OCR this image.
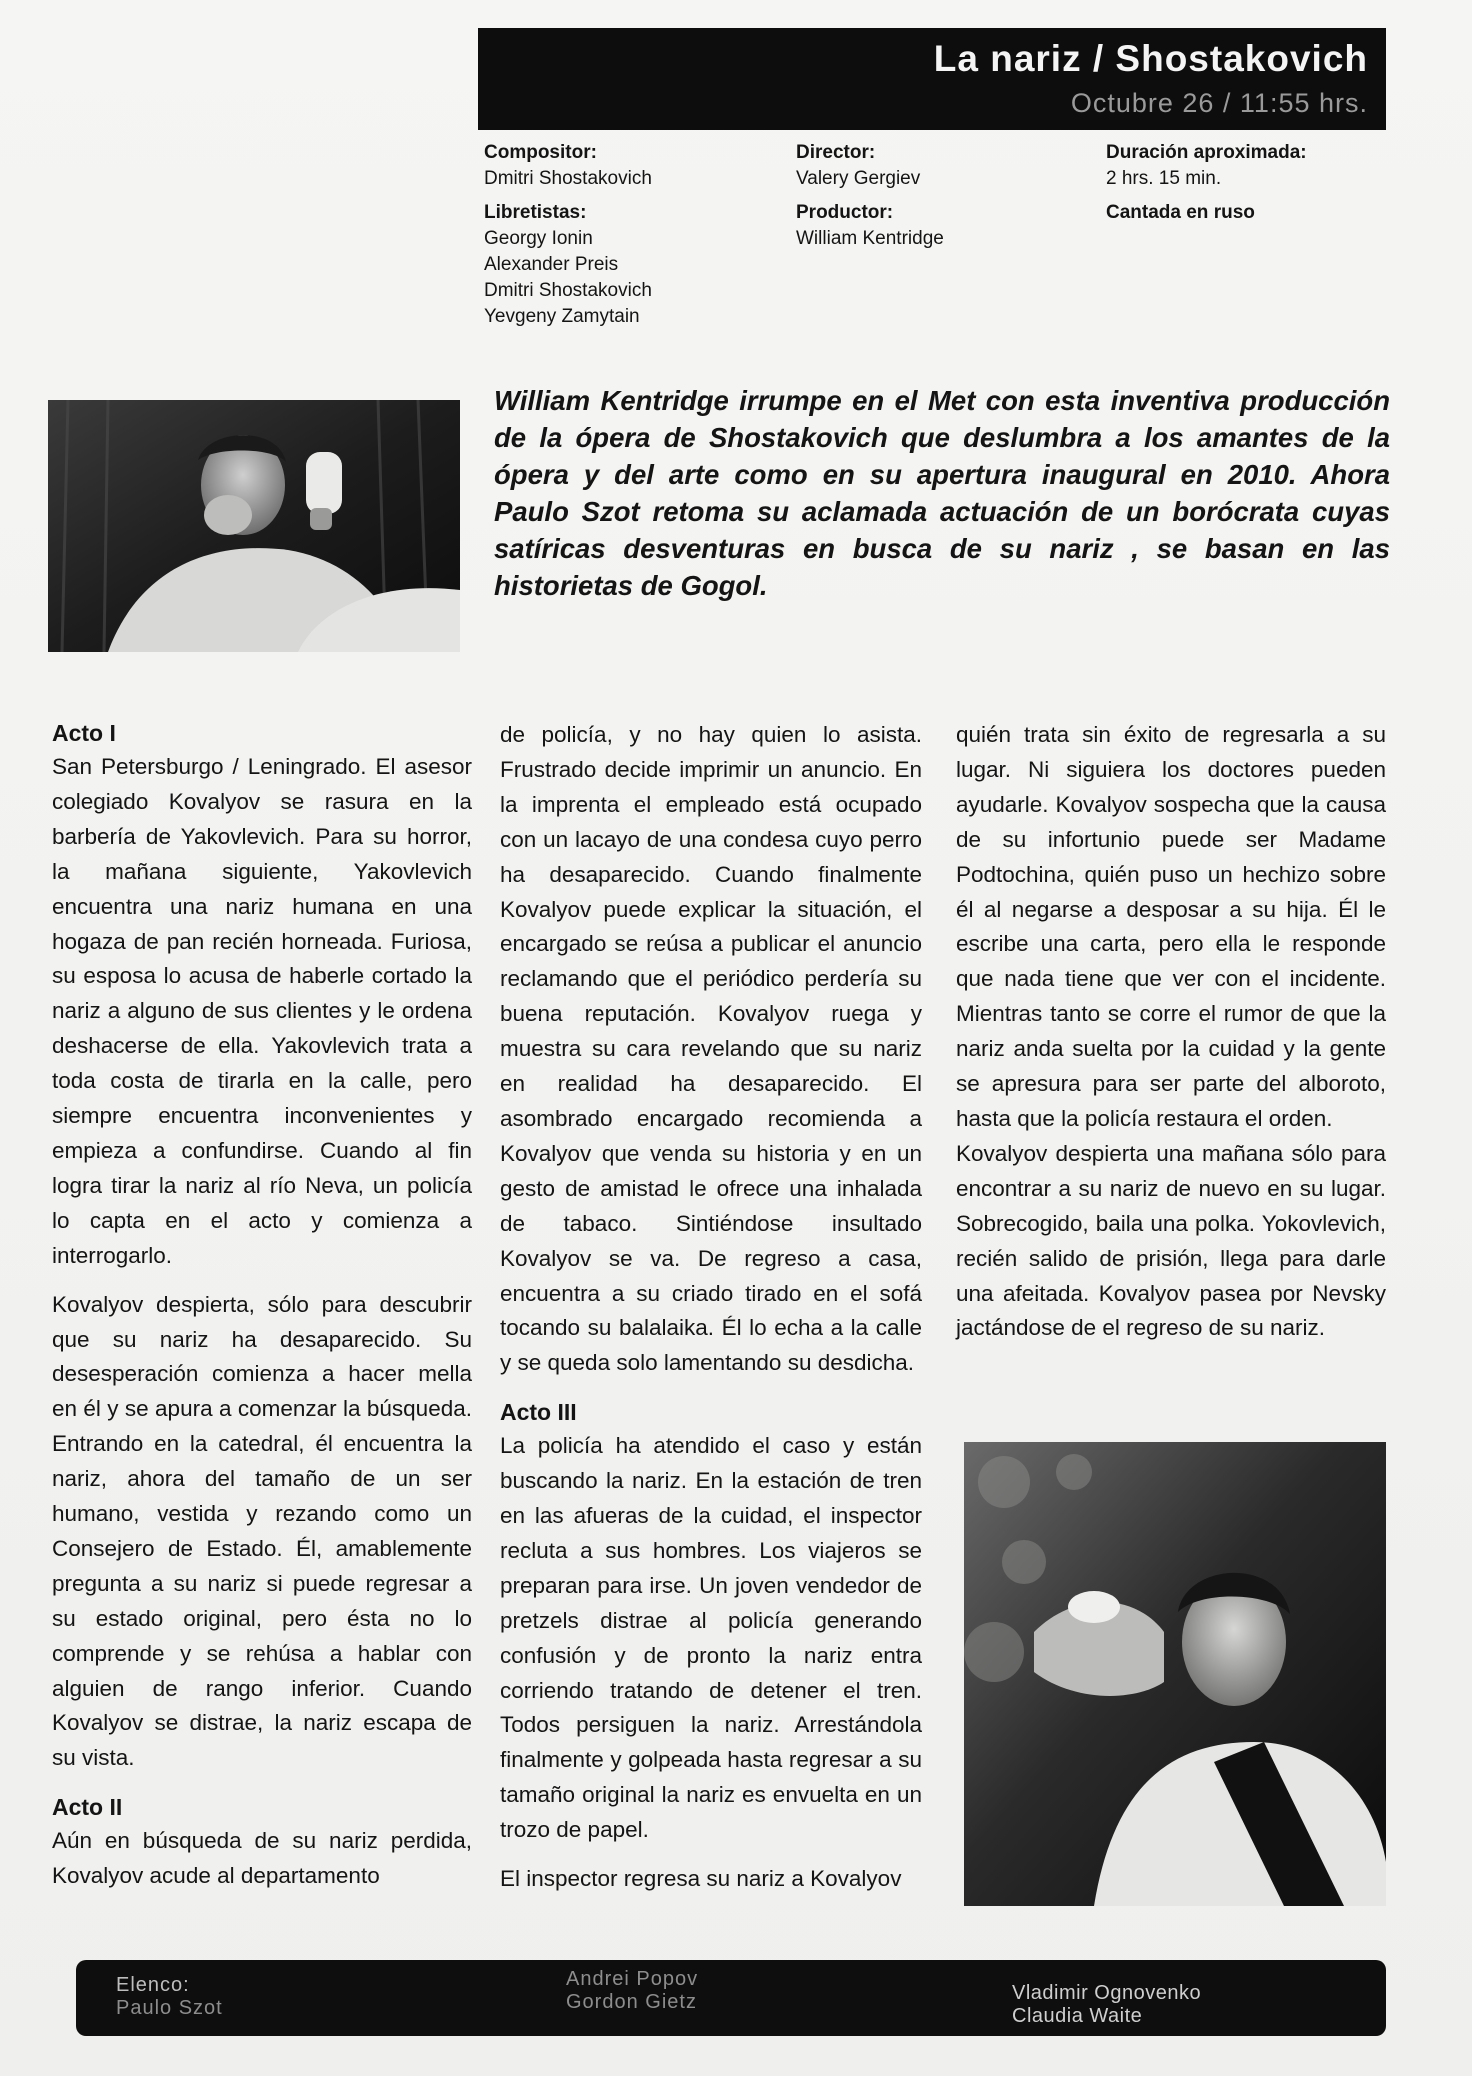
La nariz / Shostakovich
Octubre 26 / 11:55 hrs.
Compositor:
Dmitri Shostakovich
Libretistas:
Georgy Ionin
Alexander Preis
Dmitri Shostakovich
Yevgeny Zamytain
Director:
Valery Gergiev
Productor:
William Kentridge
Duración aproximada:
2 hrs. 15 min.
Cantada en ruso
William Kentridge irrumpe en el Met con esta inventiva producción de la ópera de Shostakovich que deslumbra a los amantes de la ópera y del arte como en su apertura inaugural en 2010. Ahora Paulo Szot retoma su aclamada actuación de un borócrata cuyas satíricas desventuras en busca de su nariz , se basan en las historietas de Gogol.
Acto I

San Petersburgo / Leningrado. El asesor colegiado Kovalyov se rasura en la barbería de Yakovlevich. Para su horror, la mañana siguiente, Yakovlevich encuentra una nariz humana en una hogaza de pan recién horneada. Furiosa, su esposa lo acusa de haberle cortado la nariz a alguno de sus clientes y le ordena deshacerse de ella. Yakovlevich trata a toda costa de tirarla en la calle, pero siempre encuentra inconvenientes y empieza a confundirse. Cuando al fin logra tirar la nariz al río Neva, un policía lo capta en el acto y comienza a interrogarlo.

Kovalyov despierta, sólo para descubrir que su nariz ha desaparecido. Su desesperación comienza a hacer mella en él y se apura a comenzar la búsqueda. Entrando en la catedral, él encuentra la nariz, ahora del tamaño de un ser humano, vestida y rezando como un Consejero de Estado. Él, amablemente pregunta a su nariz si puede regresar a su estado original, pero ésta no lo comprende y se rehúsa a hablar con alguien de rango inferior. Cuando Kovalyov se distrae, la nariz escapa de su vista.

Acto II

Aún en búsqueda de su nariz perdida, Kovalyov acude al departamento

de policía, y no hay quien lo asista. Frustrado decide imprimir un anuncio. En la imprenta el empleado está ocupado con un lacayo de una condesa cuyo perro ha desaparecido. Cuando finalmente Kovalyov puede explicar la situación, el encargado se reúsa a publicar el anuncio reclamando que el periódico perdería su buena reputación. Kovalyov ruega y muestra su cara revelando que su nariz en realidad ha desaparecido. El asombrado encargado recomienda a Kovalyov que venda su historia y en un gesto de amistad le ofrece una inhalada de tabaco. Sintiéndose insultado Kovalyov se va. De regreso a casa, encuentra a su criado tirado en el sofá tocando su balalaika. Él lo echa a la calle y se queda solo lamentando su desdicha.

Acto III

La policía ha atendido el caso y están buscando la nariz. En la estación de tren en las afueras de la cuidad, el inspector recluta a sus hombres. Los viajeros se preparan para irse. Un joven vendedor de pretzels distrae al policía generando confusión y de pronto la nariz entra corriendo tratando de detener el tren. Todos persiguen la nariz. Arrestándola finalmente y golpeada hasta regresar a su tamaño original la nariz es envuelta en un trozo de papel.

El inspector regresa su nariz a Kovalyov

quién trata sin éxito de regresarla a su lugar. Ni siguiera los doctores pueden ayudarle. Kovalyov sospecha que la causa de su infortunio puede ser Madame Podtochina, quién puso un hechizo sobre él al negarse a desposar a su hija. Él le escribe una carta, pero ella le responde que nada tiene que ver con el incidente. Mientras tanto se corre el rumor de que la nariz anda suelta por la cuidad y la gente se apresura para ser parte del alboroto, hasta que la policía restaura el orden.

Kovalyov despierta una mañana sólo para encontrar a su nariz de nuevo en su lugar. Sobrecogido, baila una polka. Yokovlevich, recién salido de prisión, llega para darle una afeitada. Kovalyov pasea por Nevsky jactándose de el regreso de su nariz.

Elenco:
Paulo Szot
Andrei Popov
Gordon Gietz	Vladimir Ognovenko
Claudia Waite
